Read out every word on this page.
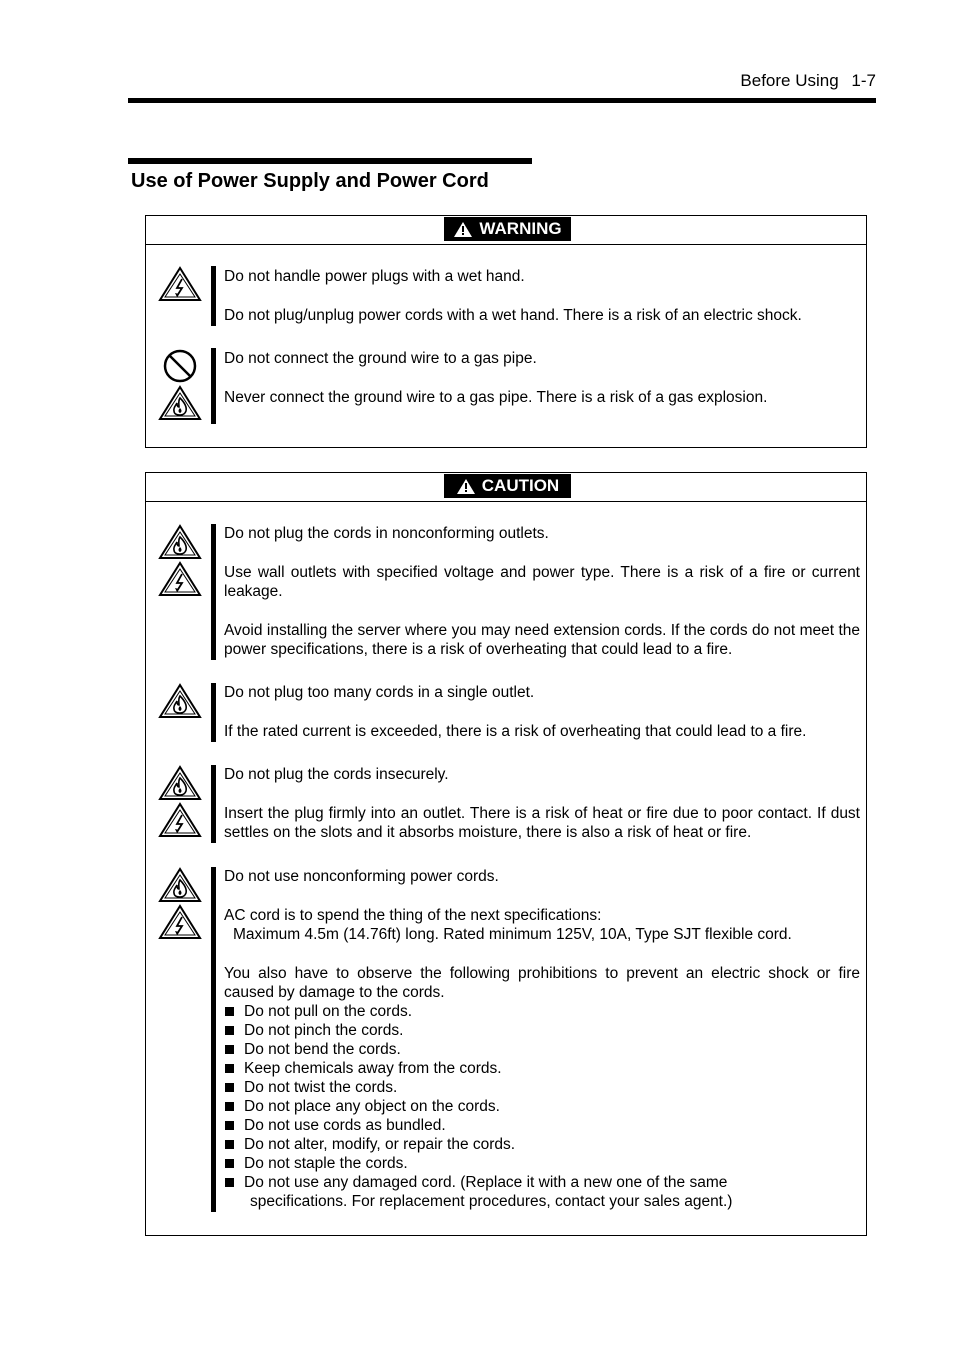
Before Using 1-7
Use of Power Supply and Power Cord
WARNING

Do not handle power plugs with a wet hand.

Do not plug/unplug power cords with a wet hand. There is a risk of an electric shock.

Do not connect the ground wire to a gas pipe.

Never connect the ground wire to a gas pipe. There is a risk of a gas explosion.

CAUTION

Do not plug the cords in nonconforming outlets.

Use wall outlets with specified voltage and power type. There is a risk of a fire or current leakage.

Avoid installing the server where you may need extension cords. If the cords do not meet the power specifications, there is a risk of overheating that could lead to a fire.

Do not plug too many cords in a single outlet.

If the rated current is exceeded, there is a risk of overheating that could lead to a fire.

Do not plug the cords insecurely.

Insert the plug firmly into an outlet. There is a risk of heat or fire due to poor contact. If dust settles on the slots and it absorbs moisture, there is also a risk of heat or fire.

Do not use nonconforming power cords.

AC cord is to spend the thing of the next specifications:

Maximum 4.5m (14.76ft) long. Rated minimum 125V, 10A, Type SJT flexible cord.

You also have to observe the following prohibitions to prevent an electric shock or fire caused by damage to the cords.

Do not pull on the cords.
Do not pinch the cords.
Do not bend the cords.
Keep chemicals away from the cords.
Do not twist the cords.
Do not place any object on the cords.
Do not use cords as bundled.
Do not alter, modify, or repair the cords.
Do not staple the cords.
Do not use any damaged cord. (Replace it with a new one of the same
specifications. For replacement procedures, contact your sales agent.)
